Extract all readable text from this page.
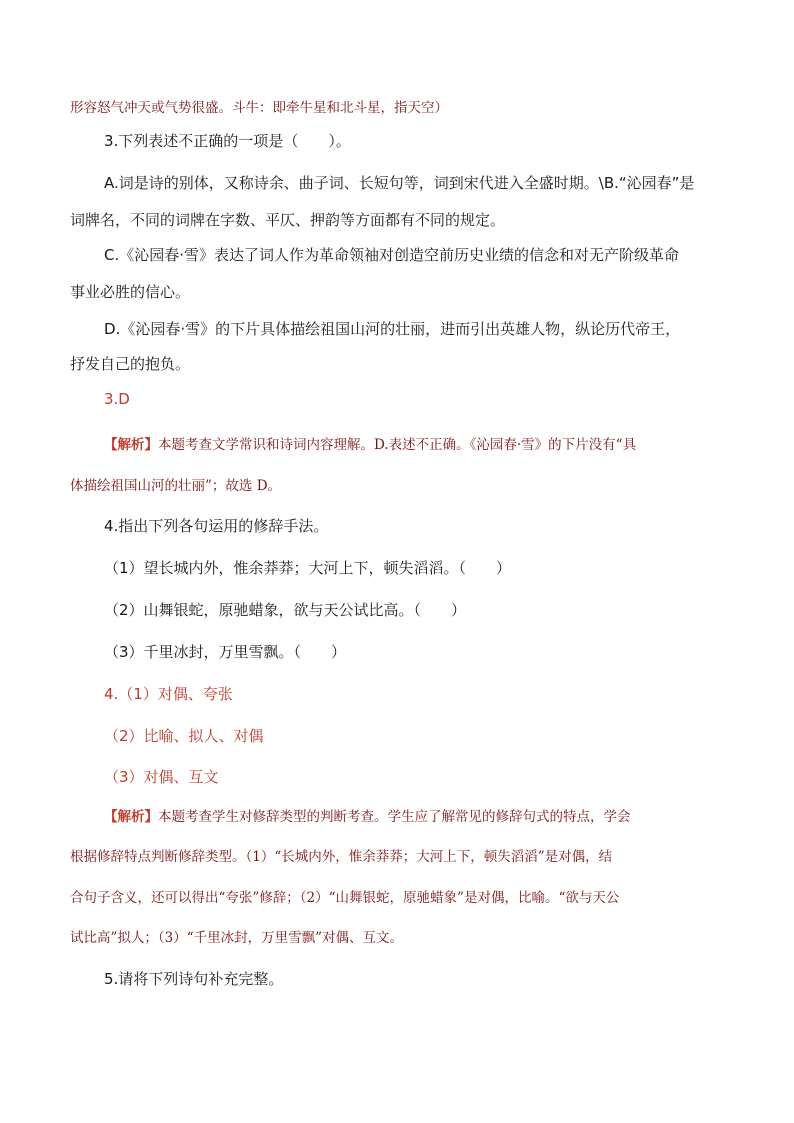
形容怒气冲天或气势很盛。斗牛：即牵牛星和北斗星，指天空）

3.下列表述不正确的一项是（　　）。

A.词是诗的别体，又称诗余、曲子词、长短句等，词到宋代进入全盛时期。\B.“沁园春”是

词牌名，不同的词牌在字数、平仄、押韵等方面都有不同的规定。

C.《沁园春·雪》表达了词人作为革命领袖对创造空前历史业绩的信念和对无产阶级革命

事业必胜的信心。

D.《沁园春·雪》的下片具体描绘祖国山河的壮丽，进而引出英雄人物，纵论历代帝王，

抒发自己的抱负。

3.D

【解析】本题考查文学常识和诗词内容理解。D.表述不正确。《沁园春·雪》的下片没有“具

体描绘祖国山河的壮丽”；故选 D。

4.指出下列各句运用的修辞手法。

（1）望长城内外，惟余莽莽；大河上下，顿失滔滔。（　　）

（2）山舞银蛇，原驰蜡象，欲与天公试比高。（　　）

（3）千里冰封，万里雪飘。（　　）

4.（1）对偶、夸张

（2）比喻、拟人、对偶

（3）对偶、互文

【解析】本题考查学生对修辞类型的判断考查。学生应了解常见的修辞句式的特点，学会

根据修辞特点判断修辞类型。（1）“长城内外，惟余莽莽；大河上下，顿失滔滔”是对偶，结

合句子含义，还可以得出“夸张”修辞；（2）“山舞银蛇，原驰蜡象”是对偶，比喻。“欲与天公

试比高”拟人；（3）“千里冰封，万里雪飘”对偶、互文。

5.请将下列诗句补充完整。
